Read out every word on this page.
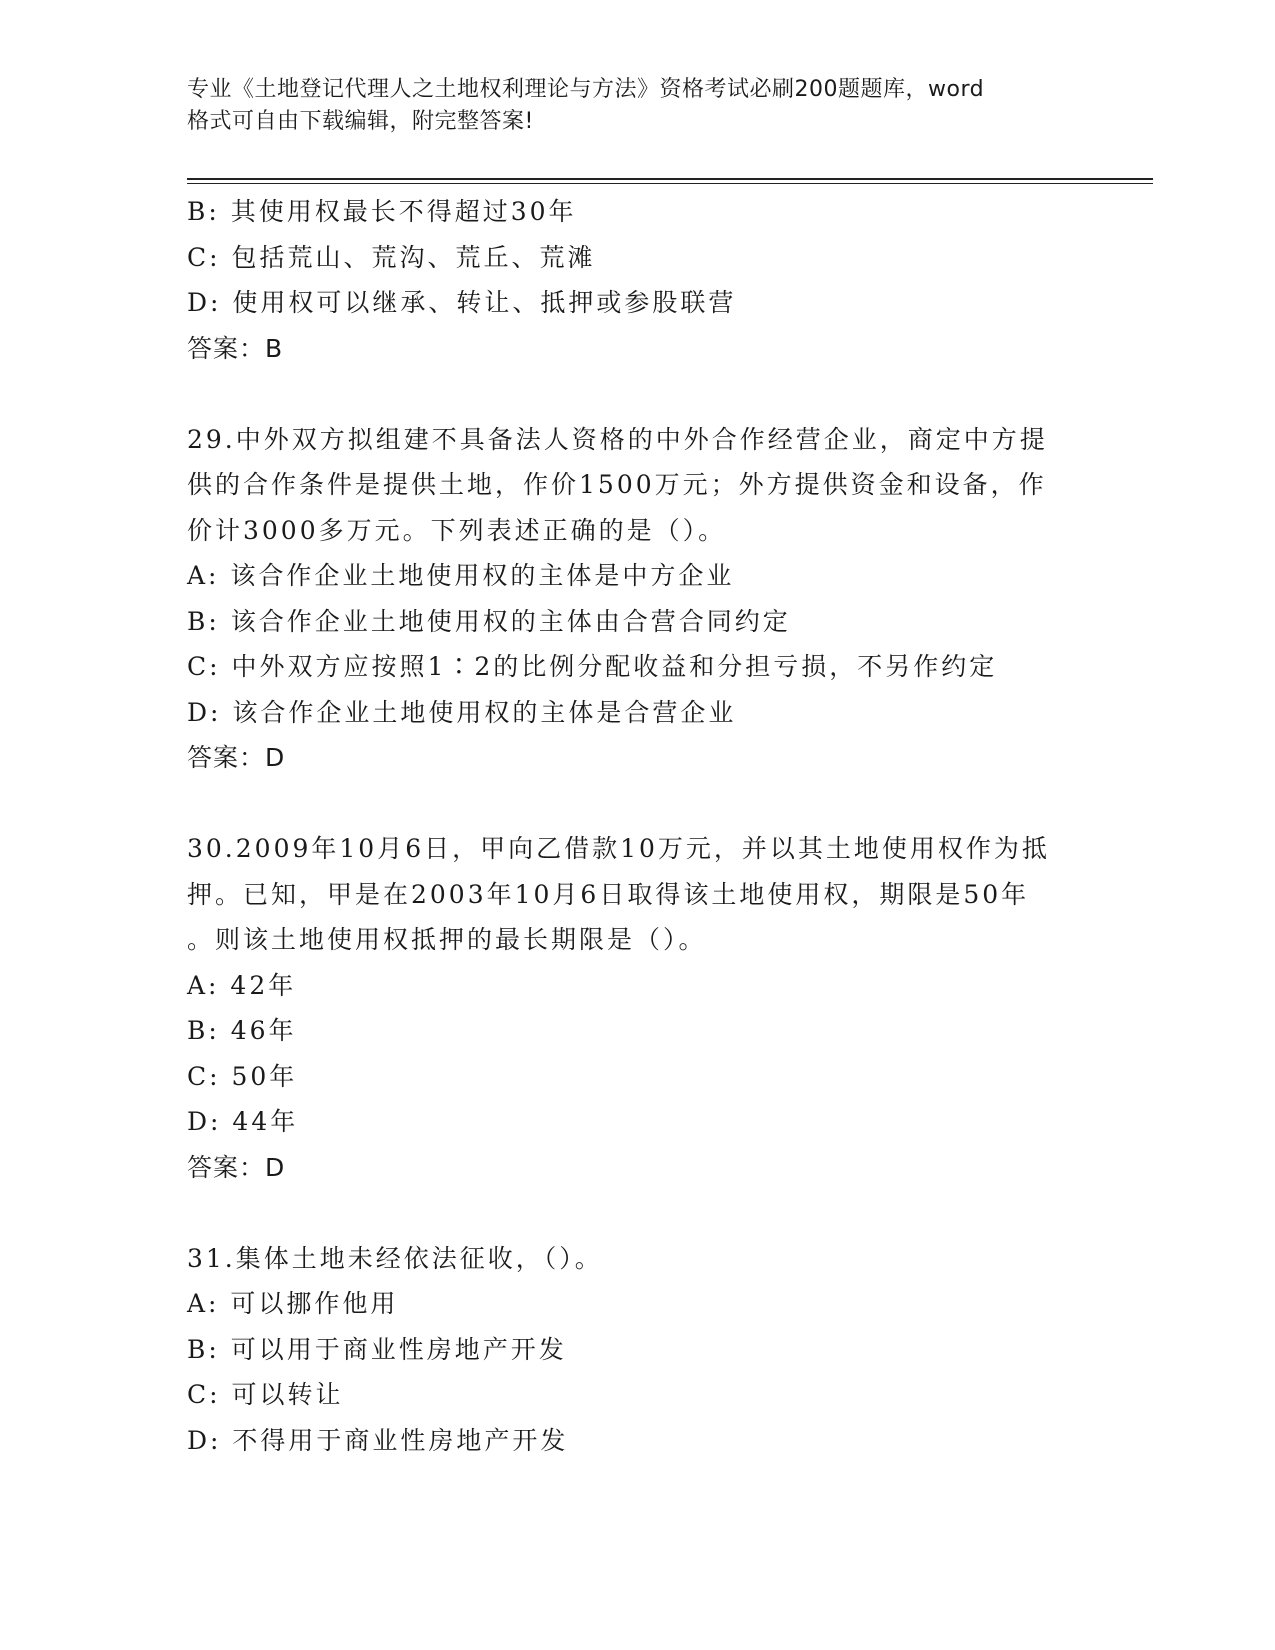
专业《土地登记代理人之土地权利理论与方法》资格考试必刷200题题库，word
格式可自由下载编辑，附完整答案!
B: 其使用权最长不得超过30年
C: 包括荒山、荒沟、荒丘、荒滩
D: 使用权可以继承、转让、抵押或参股联营
答案：B
29.中外双方拟组建不具备法人资格的中外合作经营企业，商定中方提
供的合作条件是提供土地，作价1500万元；外方提供资金和设备，作
价计3000多万元。下列表述正确的是（）。
A: 该合作企业土地使用权的主体是中方企业
B: 该合作企业土地使用权的主体由合营合同约定
C: 中外双方应按照1∶2的比例分配收益和分担亏损，不另作约定
D: 该合作企业土地使用权的主体是合营企业
答案：D
30.2009年10月6日，甲向乙借款10万元，并以其土地使用权作为抵
押。已知，甲是在2003年10月6日取得该土地使用权，期限是50年
。则该土地使用权抵押的最长期限是（）。
A: 42年
B: 46年
C: 50年
D: 44年
答案：D
31.集体土地未经依法征收，（）。
A: 可以挪作他用
B: 可以用于商业性房地产开发
C: 可以转让
D: 不得用于商业性房地产开发
